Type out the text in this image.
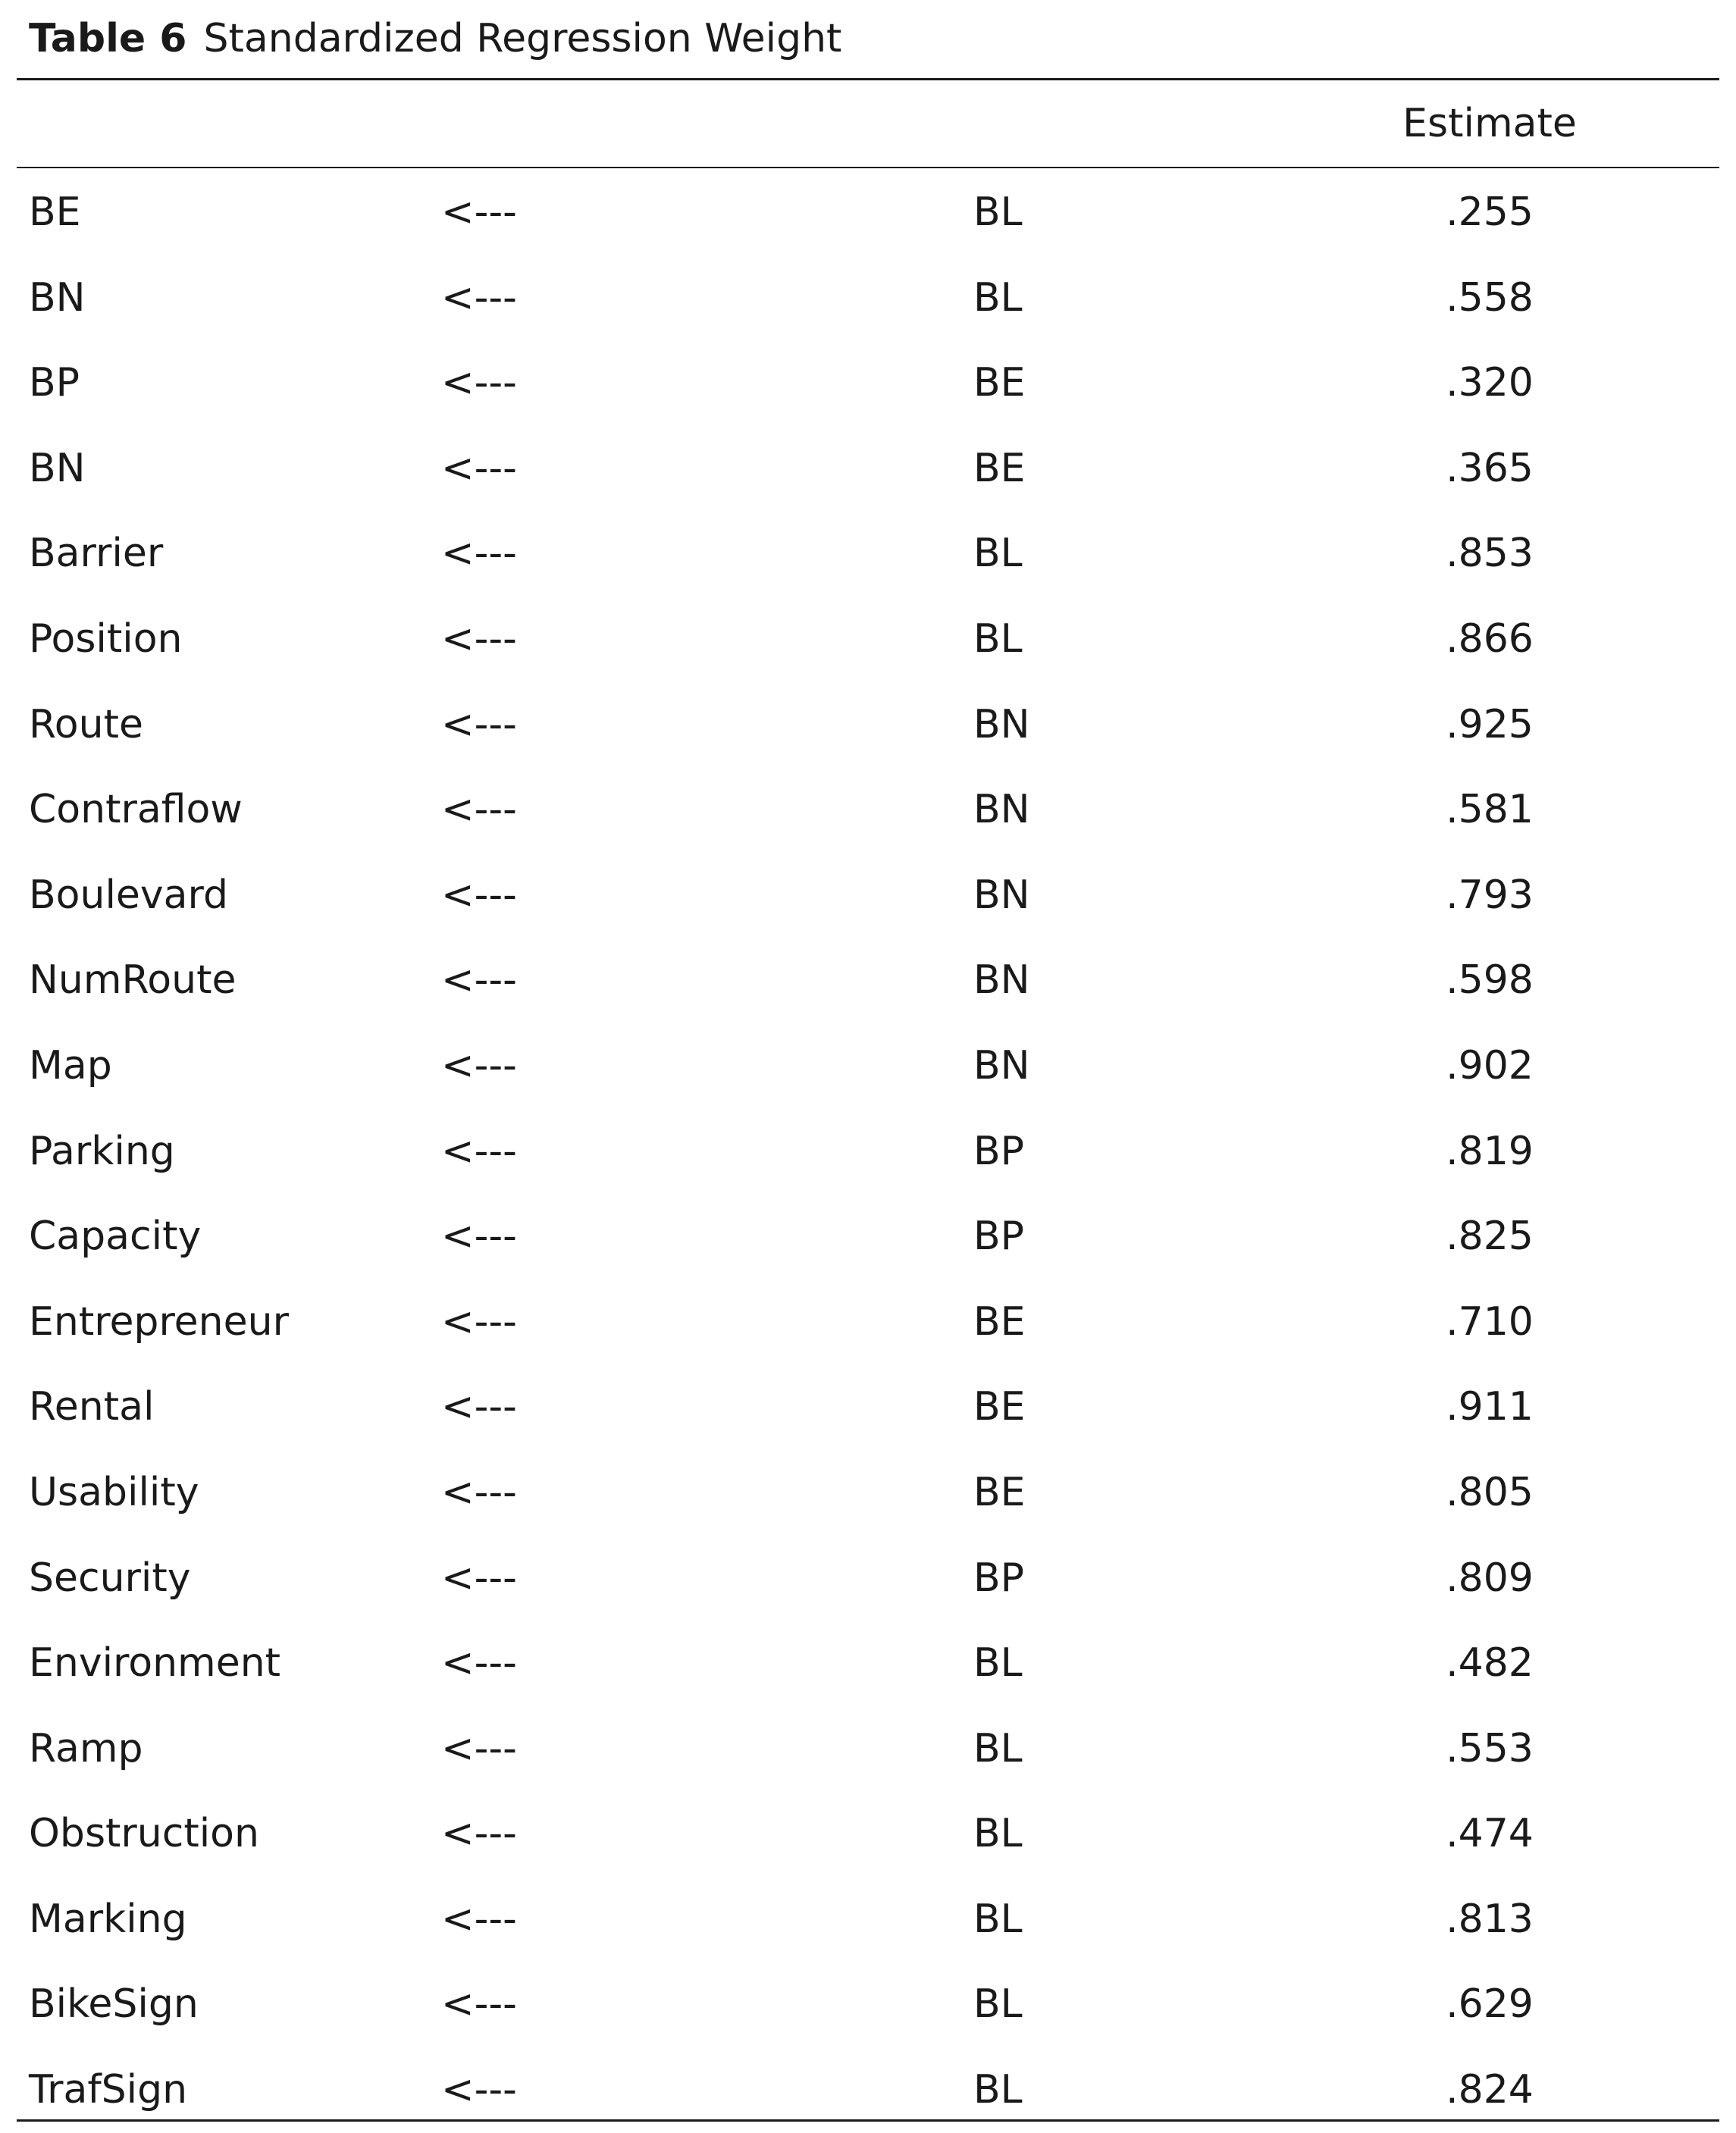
Table 6 Standardized Regression Weight
Estimate
BE	<---	BL	.255
BN	<---	BL	.558
BP	<---	BE	.320
BN	<---	BE	.365
Barrier	<---	BL	.853
Position	<---	BL	.866
Route	<---	BN	.925
Contraflow	<---	BN	.581
Boulevard	<---	BN	.793
NumRoute	<---	BN	.598
Map	<---	BN	.902
Parking	<---	BP	.819
Capacity	<---	BP	.825
Entrepreneur	<---	BE	.710
Rental	<---	BE	.911
Usability	<---	BE	.805
Security	<---	BP	.809
Environment	<---	BL	.482
Ramp	<---	BL	.553
Obstruction	<---	BL	.474
Marking	<---	BL	.813
BikeSign	<---	BL	.629
TrafSign	<---	BL	.824
